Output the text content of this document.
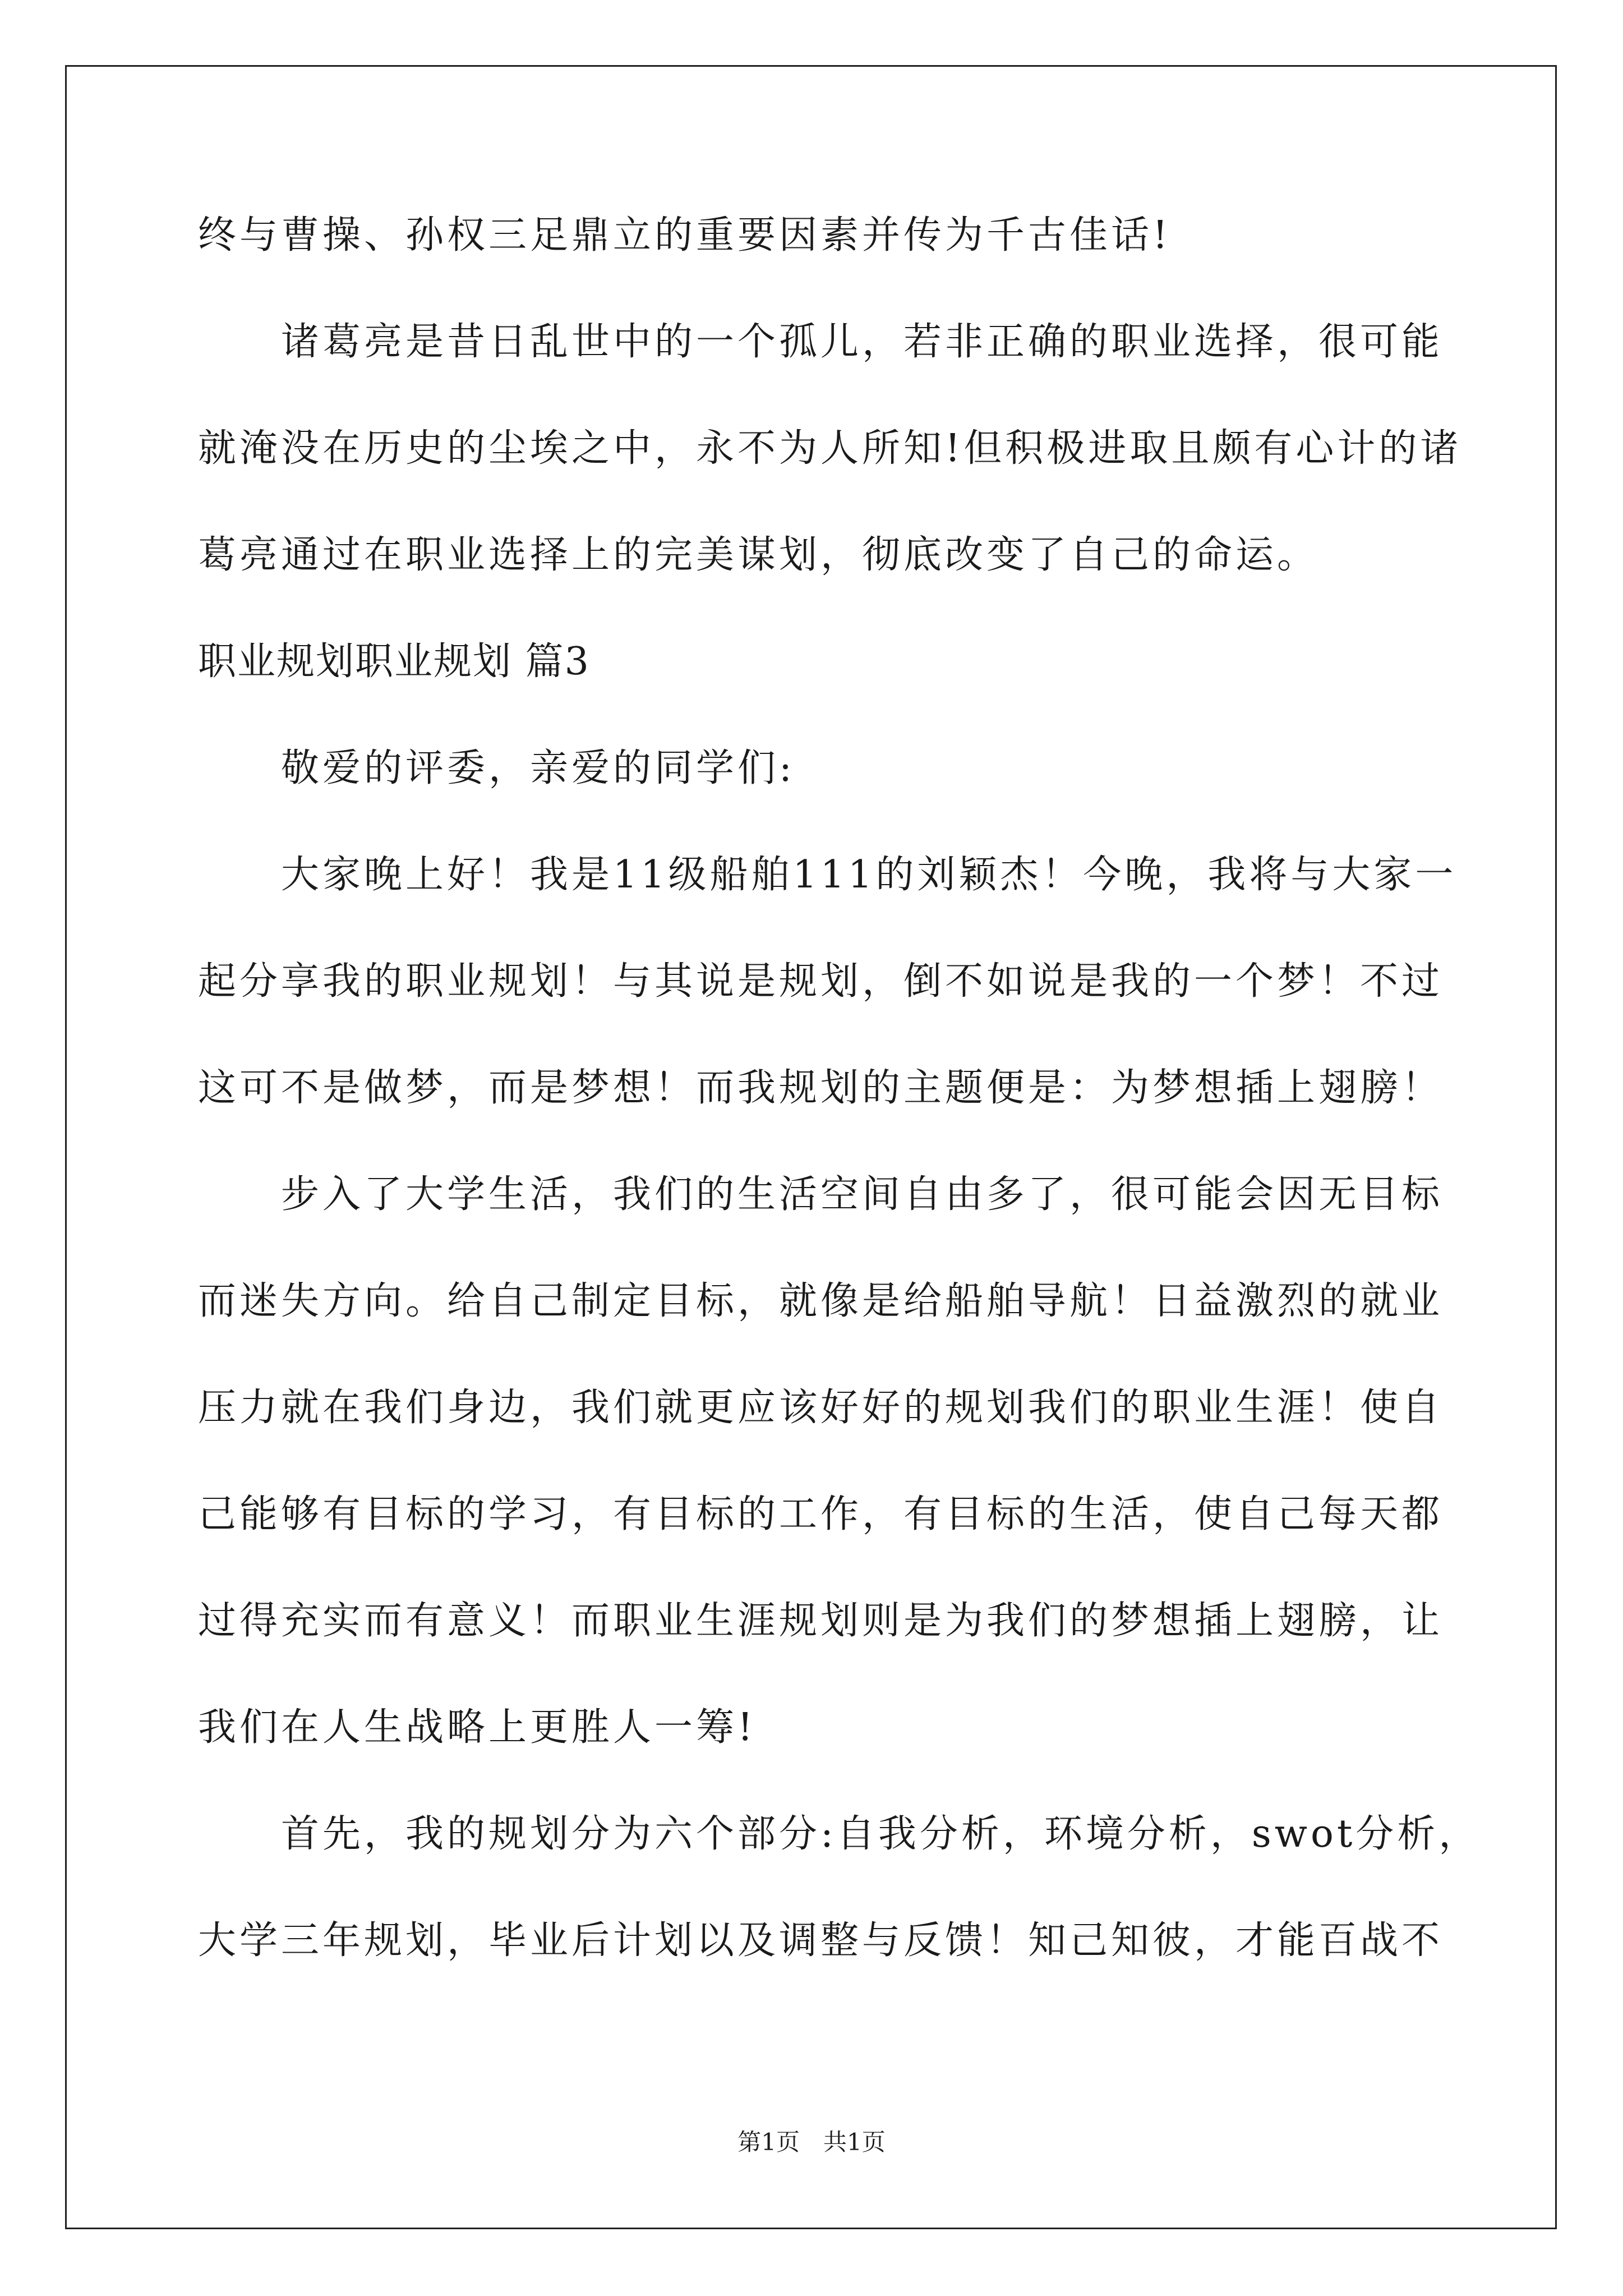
终与曹操、孙权三足鼎立的重要因素并传为千古佳话!
诸葛亮是昔日乱世中的一个孤儿，若非正确的职业选择，很可能
就淹没在历史的尘埃之中，永不为人所知!但积极进取且颇有心计的诸
葛亮通过在职业选择上的完美谋划，彻底改变了自己的命运。
职业规划职业规划 篇3
敬爱的评委，亲爱的同学们:
大家晚上好！我是11级船舶111的刘颖杰！今晚，我将与大家一
起分享我的职业规划！与其说是规划，倒不如说是我的一个梦！不过
这可不是做梦，而是梦想！而我规划的主题便是：为梦想插上翅膀！
步入了大学生活，我们的生活空间自由多了，很可能会因无目标
而迷失方向。给自己制定目标，就像是给船舶导航！日益激烈的就业
压力就在我们身边，我们就更应该好好的规划我们的职业生涯！使自
己能够有目标的学习，有目标的工作，有目标的生活，使自己每天都
过得充实而有意义！而职业生涯规划则是为我们的梦想插上翅膀，让
我们在人生战略上更胜人一筹!
首先，我的规划分为六个部分:自我分析，环境分析，swot分析，
大学三年规划，毕业后计划以及调整与反馈！知己知彼，才能百战不
第1页　共1页
